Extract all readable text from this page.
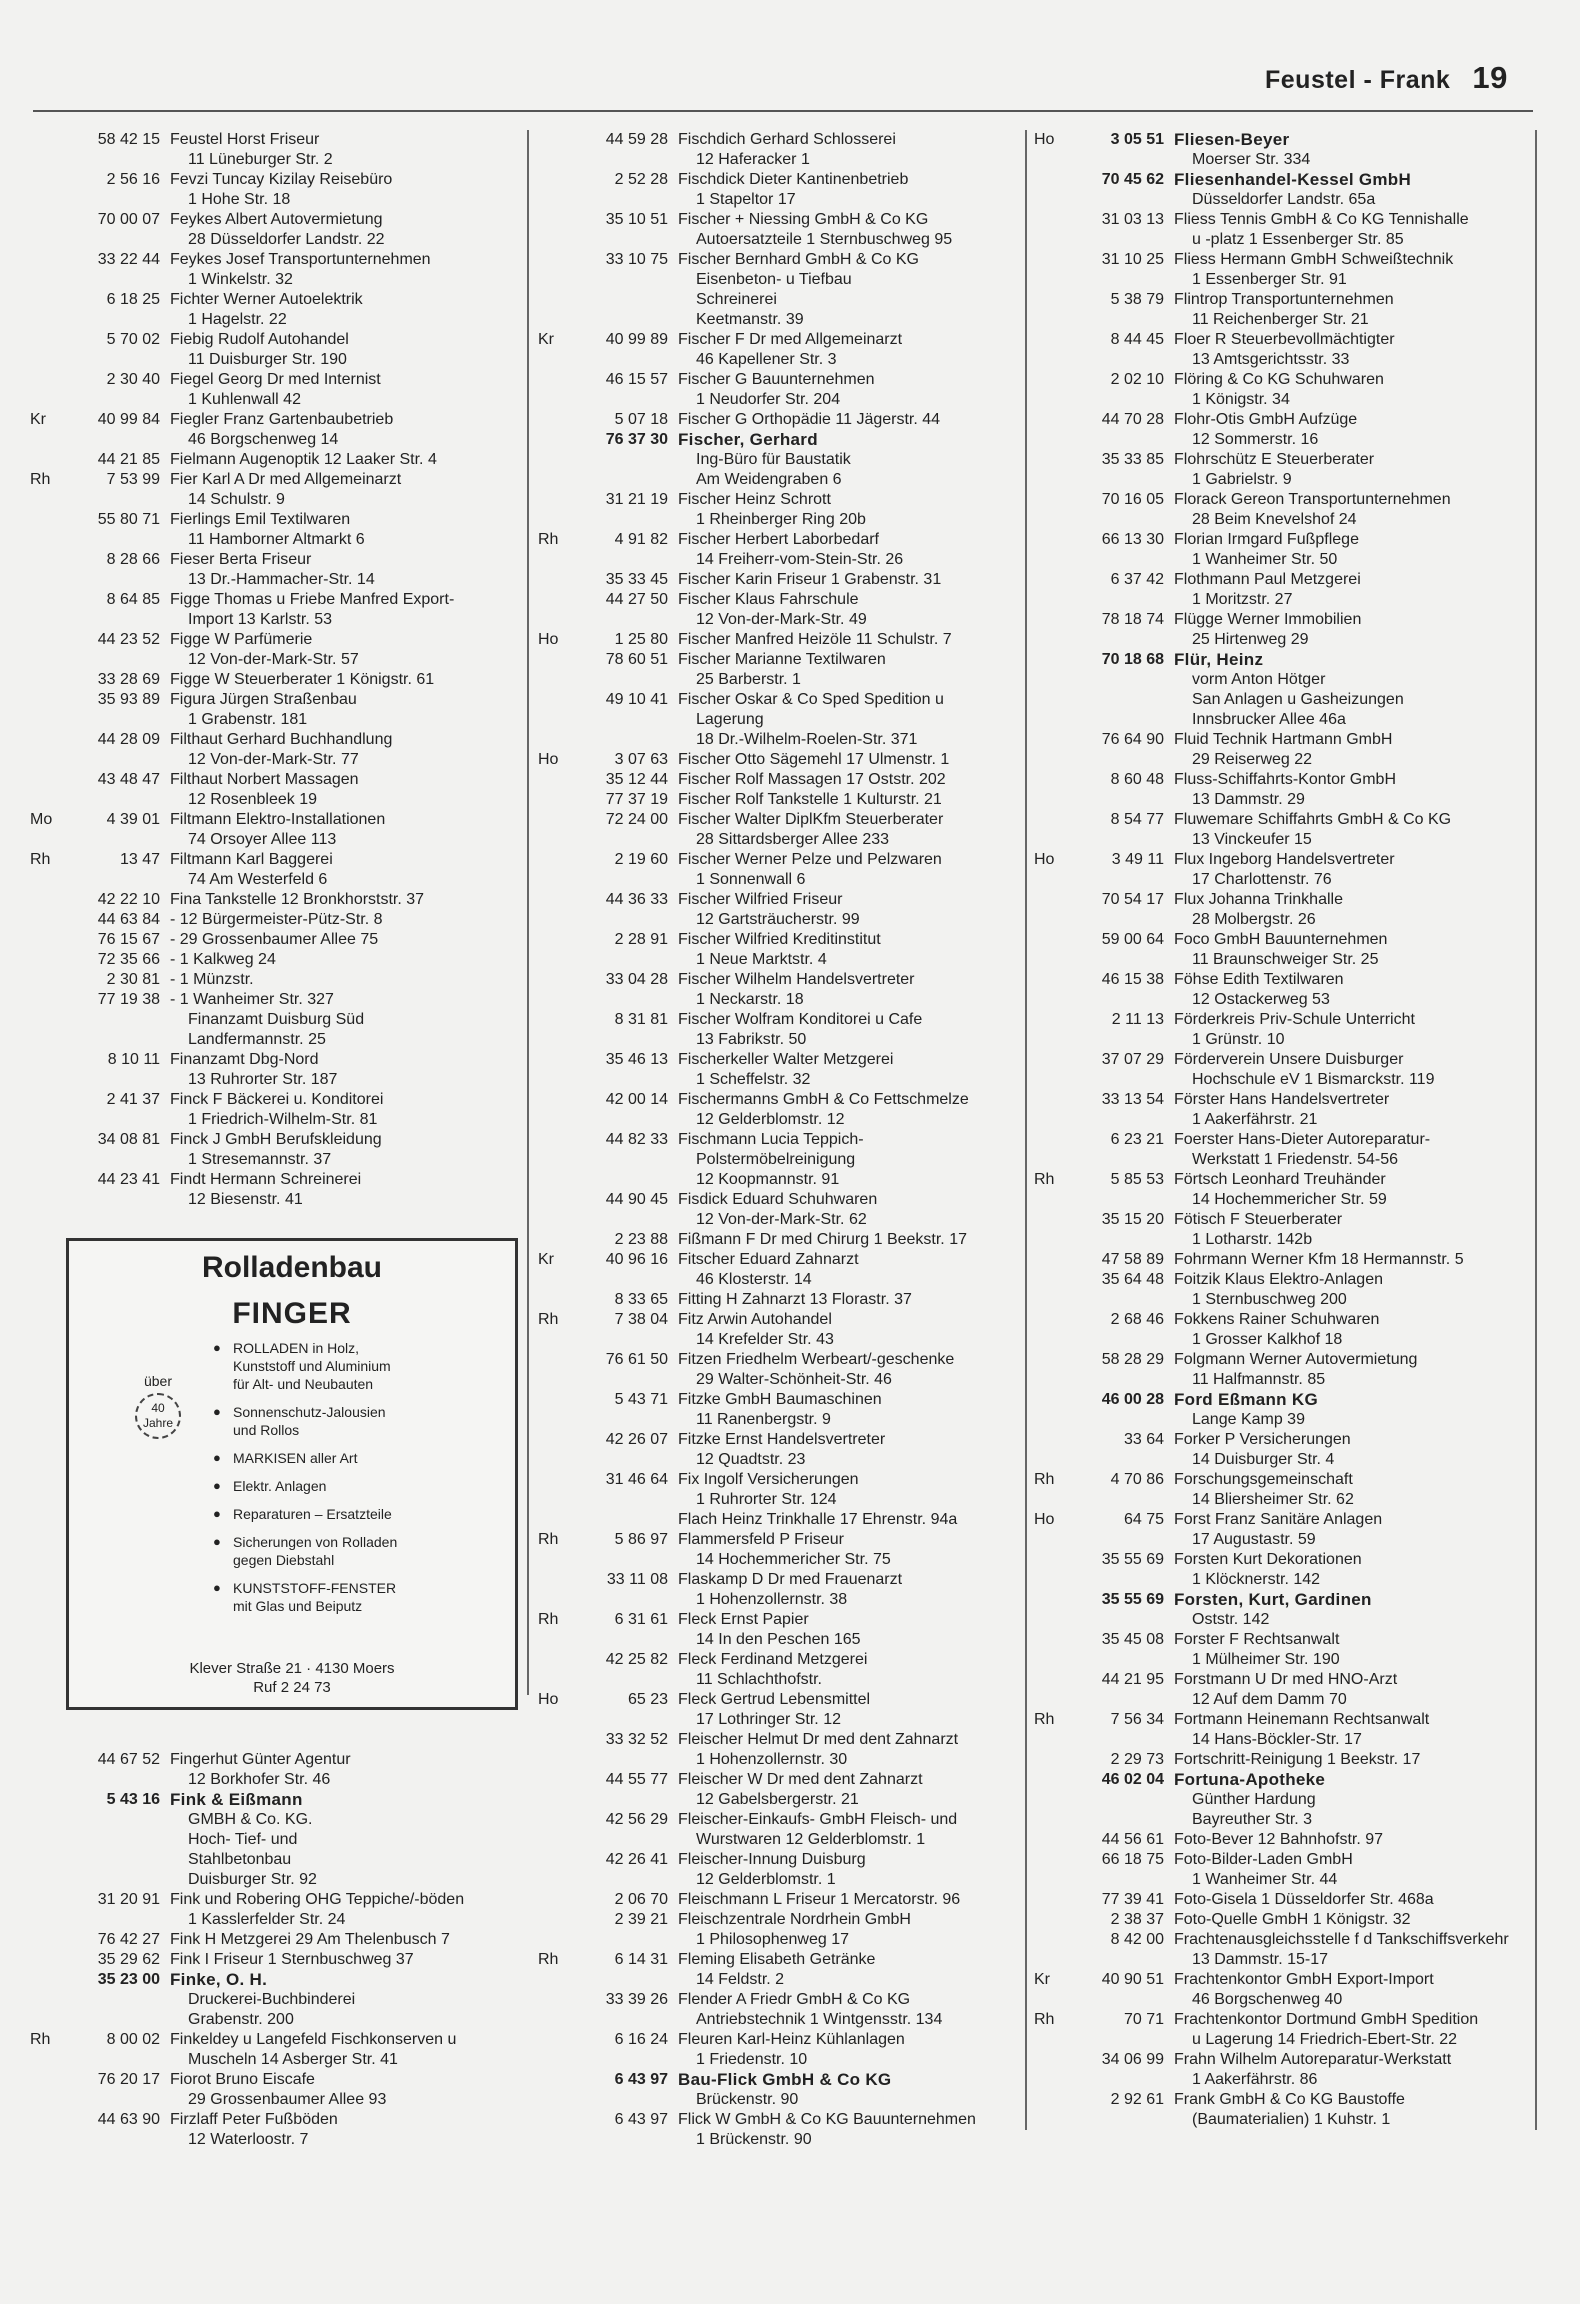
Feustel - Frank 19
58 42 15 Feustel Horst Friseur
11 Lüneburger Str. 2
2 56 16 Fevzi Tuncay Kizilay Reisebüro
1 Hohe Str. 18
70 00 07 Feykes Albert Autovermietung
28 Düsseldorfer Landstr. 22
33 22 44 Feykes Josef Transportunternehmen
1 Winkelstr. 32
6 18 25 Fichter Werner Autoelektrik
1 Hagelstr. 22
5 70 02 Fiebig Rudolf Autohandel
11 Duisburger Str. 190
2 30 40 Fiegel Georg Dr med Internist
1 Kuhlenwall 42
Kr	40 99 84 Fiegler Franz Gartenbaubetrieb
46 Borgschenweg 14
44 21 85 Fielmann Augenoptik 12 Laaker Str. 4
Rh	7 53 99 Fier Karl A Dr med Allgemeinarzt
14 Schulstr. 9
55 80 71 Fierlings Emil Textilwaren
11 Hamborner Altmarkt 6
8 28 66 Fieser Berta Friseur
13 Dr.-Hammacher-Str. 14
8 64 85 Figge Thomas u Friebe Manfred Export-
Import 13 Karlstr. 53
44 23 52 Figge W Parfümerie
12 Von-der-Mark-Str. 57
33 28 69 Figge W Steuerberater 1 Königstr. 61
35 93 89 Figura Jürgen Straßenbau
1 Grabenstr. 181
44 28 09 Filthaut Gerhard Buchhandlung
12 Von-der-Mark-Str. 77
43 48 47 Filthaut Norbert Massagen
12 Rosenbleek 19
Mo	4 39 01 Filtmann Elektro-Installationen
74 Orsoyer Allee 113
Rh	13 47 Filtmann Karl Baggerei
74 Am Westerfeld 6
42 22 10 Fina Tankstelle 12 Bronkhorststr. 37
44 63 84 - 12 Bürgermeister-Pütz-Str. 8
76 15 67 - 29 Grossenbaumer Allee 75
72 35 66 - 1 Kalkweg 24
2 30 81 - 1 Münzstr.
77 19 38 - 1 Wanheimer Str. 327
Finanzamt Duisburg Süd
Landfermannstr. 25
8 10 11 Finanzamt Dbg-Nord
13 Ruhrorter Str. 187
2 41 37 Finck F Bäckerei u. Konditorei
1 Friedrich-Wilhelm-Str. 81
34 08 81 Finck J GmbH Berufskleidung
1 Stresemannstr. 37
44 23 41 Findt Hermann Schreinerei
12 Biesenstr. 41
Rolladenbau
FINGER
über
40
Jahre
● ROLLADEN in Holz,
Kunststoff und Aluminium
für Alt- und Neubauten
● Sonnenschutz-Jalousien
und Rollos
● MARKISEN aller Art
● Elektr. Anlagen
● Reparaturen – Ersatzteile
● Sicherungen von Rolladen
gegen Diebstahl
● KUNSTSTOFF-FENSTER
mit Glas und Beiputz
Klever Straße 21 · 4130 Moers
Ruf 2 24 73
44 67 52 Fingerhut Günter Agentur
12 Borkhofer Str. 46
5 43 16 Fink & Eißmann
GMBH & Co. KG.
Hoch- Tief- und
Stahlbetonbau
Duisburger Str. 92
31 20 91 Fink und Robering OHG Teppiche/-böden
1 Kasslerfelder Str. 24
76 42 27 Fink H Metzgerei 29 Am Thelenbusch 7
35 29 62 Fink I Friseur 1 Sternbuschweg 37
35 23 00 Finke, O. H.
Druckerei-Buchbinderei
Grabenstr. 200
Rh	8 00 02 Finkeldey u Langefeld Fischkonserven u
Muscheln 14 Asberger Str. 41
76 20 17 Fiorot Bruno Eiscafe
29 Grossenbaumer Allee 93
44 63 90 Firzlaff Peter Fußböden
12 Waterloostr. 7
44 59 28 Fischdich Gerhard Schlosserei
12 Haferacker 1
2 52 28 Fischdick Dieter Kantinenbetrieb
1 Stapeltor 17
35 10 51 Fischer + Niessing GmbH & Co KG
Autoersatzteile 1 Sternbuschweg 95
33 10 75 Fischer Bernhard GmbH & Co KG
Eisenbeton- u Tiefbau
Schreinerei
Keetmanstr. 39
Kr	40 99 89 Fischer F Dr med Allgemeinarzt
46 Kapellener Str. 3
46 15 57 Fischer G Bauunternehmen
1 Neudorfer Str. 204
5 07 18 Fischer G Orthopädie 11 Jägerstr. 44
76 37 30 Fischer, Gerhard
Ing-Büro für Baustatik
Am Weidengraben 6
31 21 19 Fischer Heinz Schrott
1 Rheinberger Ring 20b
Rh	4 91 82 Fischer Herbert Laborbedarf
14 Freiherr-vom-Stein-Str. 26
35 33 45 Fischer Karin Friseur 1 Grabenstr. 31
44 27 50 Fischer Klaus Fahrschule
12 Von-der-Mark-Str. 49
Ho	1 25 80 Fischer Manfred Heizöle 11 Schulstr. 7
78 60 51 Fischer Marianne Textilwaren
25 Barberstr. 1
49 10 41 Fischer Oskar & Co Sped Spedition u
Lagerung
18 Dr.-Wilhelm-Roelen-Str. 371
Ho	3 07 63 Fischer Otto Sägemehl 17 Ulmenstr. 1
35 12 44 Fischer Rolf Massagen 17 Oststr. 202
77 37 19 Fischer Rolf Tankstelle 1 Kulturstr. 21
72 24 00 Fischer Walter DiplKfm Steuerberater
28 Sittardsberger Allee 233
2 19 60 Fischer Werner Pelze und Pelzwaren
1 Sonnenwall 6
44 36 33 Fischer Wilfried Friseur
12 Gartsträucherstr. 99
2 28 91 Fischer Wilfried Kreditinstitut
1 Neue Marktstr. 4
33 04 28 Fischer Wilhelm Handelsvertreter
1 Neckarstr. 18
8 31 81 Fischer Wolfram Konditorei u Cafe
13 Fabrikstr. 50
35 46 13 Fischerkeller Walter Metzgerei
1 Scheffelstr. 32
42 00 14 Fischermanns GmbH & Co Fettschmelze
12 Gelderblomstr. 12
44 82 33 Fischmann Lucia Teppich-
Polstermöbelreinigung
12 Koopmannstr. 91
44 90 45 Fisdick Eduard Schuhwaren
12 Von-der-Mark-Str. 62
2 23 88 Fißmann F Dr med Chirurg 1 Beekstr. 17
Kr	40 96 16 Fitscher Eduard Zahnarzt
46 Klosterstr. 14
8 33 65 Fitting H Zahnarzt 13 Florastr. 37
Rh	7 38 04 Fitz Arwin Autohandel
14 Krefelder Str. 43
76 61 50 Fitzen Friedhelm Werbeart/-geschenke
29 Walter-Schönheit-Str. 46
5 43 71 Fitzke GmbH Baumaschinen
11 Ranenbergstr. 9
42 26 07 Fitzke Ernst Handelsvertreter
12 Quadtstr. 23
31 46 64 Fix Ingolf Versicherungen
1 Ruhrorter Str. 124
Flach Heinz Trinkhalle 17 Ehrenstr. 94a
Rh	5 86 97 Flammersfeld P Friseur
14 Hochemmericher Str. 75
33 11 08 Flaskamp D Dr med Frauenarzt
1 Hohenzollernstr. 38
Rh	6 31 61 Fleck Ernst Papier
14 In den Peschen 165
42 25 82 Fleck Ferdinand Metzgerei
11 Schlachthofstr.
Ho	65 23 Fleck Gertrud Lebensmittel
17 Lothringer Str. 12
33 32 52 Fleischer Helmut Dr med dent Zahnarzt
1 Hohenzollernstr. 30
44 55 77 Fleischer W Dr med dent Zahnarzt
12 Gabelsbergerstr. 21
42 56 29 Fleischer-Einkaufs- GmbH Fleisch- und
Wurstwaren 12 Gelderblomstr. 1
42 26 41 Fleischer-Innung Duisburg
12 Gelderblomstr. 1
2 06 70 Fleischmann L Friseur 1 Mercatorstr. 96
2 39 21 Fleischzentrale Nordrhein GmbH
1 Philosophenweg 17
Rh	6 14 31 Fleming Elisabeth Getränke
14 Feldstr. 2
33 39 26 Flender A Friedr GmbH & Co KG
Antriebstechnik 1 Wintgensstr. 134
6 16 24 Fleuren Karl-Heinz Kühlanlagen
1 Friedenstr. 10
6 43 97 Bau-Flick GmbH & Co KG
Brückenstr. 90
6 43 97 Flick W GmbH & Co KG Bauunternehmen
1 Brückenstr. 90
Ho	3 05 51 Fliesen-Beyer
Moerser Str. 334
70 45 62 Fliesenhandel-Kessel GmbH
Düsseldorfer Landstr. 65a
31 03 13 Fliess Tennis GmbH & Co KG Tennishalle
u -platz 1 Essenberger Str. 85
31 10 25 Fliess Hermann GmbH Schweißtechnik
1 Essenberger Str. 91
5 38 79 Flintrop Transportunternehmen
11 Reichenberger Str. 21
8 44 45 Floer R Steuerbevollmächtigter
13 Amtsgerichtsstr. 33
2 02 10 Flöring & Co KG Schuhwaren
1 Königstr. 34
44 70 28 Flohr-Otis GmbH Aufzüge
12 Sommerstr. 16
35 33 85 Flohrschütz E Steuerberater
1 Gabrielstr. 9
70 16 05 Florack Gereon Transportunternehmen
28 Beim Knevelshof 24
66 13 30 Florian Irmgard Fußpflege
1 Wanheimer Str. 50
6 37 42 Flothmann Paul Metzgerei
1 Moritzstr. 27
78 18 74 Flügge Werner Immobilien
25 Hirtenweg 29
70 18 68 Flür, Heinz
vorm Anton Hötger
San Anlagen u Gasheizungen
Innsbrucker Allee 46a
76 64 90 Fluid Technik Hartmann GmbH
29 Reiserweg 22
8 60 48 Fluss-Schiffahrts-Kontor GmbH
13 Dammstr. 29
8 54 77 Fluwemare Schiffahrts GmbH & Co KG
13 Vinckeufer 15
Ho	3 49 11 Flux Ingeborg Handelsvertreter
17 Charlottenstr. 76
70 54 17 Flux Johanna Trinkhalle
28 Molbergstr. 26
59 00 64 Foco GmbH Bauunternehmen
11 Braunschweiger Str. 25
46 15 38 Föhse Edith Textilwaren
12 Ostackerweg 53
2 11 13 Förderkreis Priv-Schule Unterricht
1 Grünstr. 10
37 07 29 Förderverein Unsere Duisburger
Hochschule eV 1 Bismarckstr. 119
33 13 54 Förster Hans Handelsvertreter
1 Aakerfährstr. 21
6 23 21 Foerster Hans-Dieter Autoreparatur-
Werkstatt 1 Friedenstr. 54-56
Rh	5 85 53 Förtsch Leonhard Treuhänder
14 Hochemmericher Str. 59
35 15 20 Fötisch F Steuerberater
1 Lotharstr. 142b
47 58 89 Fohrmann Werner Kfm 18 Hermannstr. 5
35 64 48 Foitzik Klaus Elektro-Anlagen
1 Sternbuschweg 200
2 68 46 Fokkens Rainer Schuhwaren
1 Grosser Kalkhof 18
58 28 29 Folgmann Werner Autovermietung
11 Halfmannstr. 85
46 00 28 Ford Eßmann KG
Lange Kamp 39
33 64 Forker P Versicherungen
14 Duisburger Str. 4
Rh	4 70 86 Forschungsgemeinschaft
14 Bliersheimer Str. 62
Ho	64 75 Forst Franz Sanitäre Anlagen
17 Augustastr. 59
35 55 69 Forsten Kurt Dekorationen
1 Klöcknerstr. 142
35 55 69 Forsten, Kurt, Gardinen
Oststr. 142
35 45 08 Forster F Rechtsanwalt
1 Mülheimer Str. 190
44 21 95 Forstmann U Dr med HNO-Arzt
12 Auf dem Damm 70
Rh	7 56 34 Fortmann Heinemann Rechtsanwalt
14 Hans-Böckler-Str. 17
2 29 73 Fortschritt-Reinigung 1 Beekstr. 17
46 02 04 Fortuna-Apotheke
Günther Hardung
Bayreuther Str. 3
44 56 61 Foto-Bever 12 Bahnhofstr. 97
66 18 75 Foto-Bilder-Laden GmbH
1 Wanheimer Str. 44
77 39 41 Foto-Gisela 1 Düsseldorfer Str. 468a
2 38 37 Foto-Quelle GmbH 1 Königstr. 32
8 42 00 Frachtenausgleichsstelle f d Tankschiffsverkehr
13 Dammstr. 15-17
Kr	40 90 51 Frachtenkontor GmbH Export-Import
46 Borgschenweg 40
Rh	70 71 Frachtenkontor Dortmund GmbH Spedition
u Lagerung 14 Friedrich-Ebert-Str. 22
34 06 99 Frahn Wilhelm Autoreparatur-Werkstatt
1 Aakerfährstr. 86
2 92 61 Frank GmbH & Co KG Baustoffe
(Baumaterialien) 1 Kuhstr. 1
